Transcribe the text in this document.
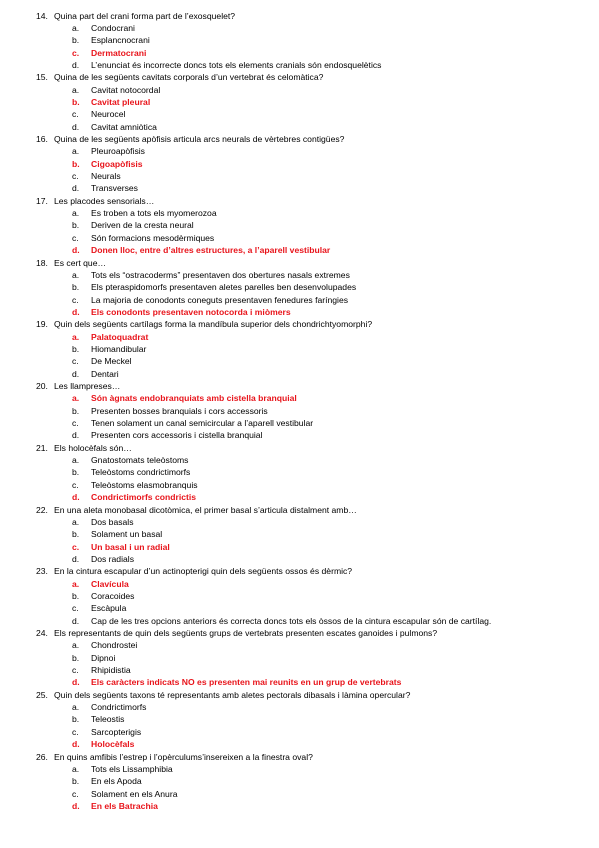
14. Quina part del crani forma part de l’exosquelet?
a. Condocrani
b. Esplancnocrani
c. Dermatocrani
d. L’enunciat és incorrecte doncs tots els elements cranials són endosquelètics
15. Quina de les següents cavitats corporals d’un vertebrat és celomàtica?
a. Cavitat notocordal
b. Cavitat pleural
c. Neurocel
d. Cavitat amniòtica
16. Quina de les següents apòfisis articula arcs neurals de vèrtebres contigües?
a. Pleuroapòfisis
b. Cigoapòfisis
c. Neurals
d. Transverses
17. Les placodes sensorials…
a. Es troben a tots els myomerozoa
b. Deriven de la cresta neural
c. Són formacions mesodèrmiques
d. Donen lloc, entre d’altres estructures, a l’aparell vestibular
18. Es cert que…
a. Tots els “ostracoderms” presentaven dos obertures nasals extremes
b. Els pteraspidomorfs presentaven aletes parelles ben desenvolupades
c. La majoria de conodonts coneguts presentaven fenedures faríngies
d. Els conodonts presentaven notocorda i miòmers
19. Quin dels següents cartílags forma la mandíbula superior dels chondrichtyomorphi?
a. Palatoquadrat
b. Hiomandibular
c. De Meckel
d. Dentari
20. Les llampreses…
a. Són àgnats endobranquiats amb cistella branquial
b. Presenten bosses branquials i cors accessoris
c. Tenen solament un canal semicircular a l’aparell vestibular
d. Presenten cors accessoris i cistella branquial
21. Els holocèfals són…
a. Gnatostomats teleòstoms
b. Teleòstoms condrictimorfs
c. Teleòstoms elasmobranquis
d. Condrictimorfs condrictis
22. En una aleta monobasal dicotòmica, el primer basal s’articula distalment amb…
a. Dos basals
b. Solament un basal
c. Un basal i un radial
d. Dos radials
23. En la cintura escapular d’un actinopterigi quin dels següents ossos és dèrmic?
a. Clavícula
b. Coracoides
c. Escàpula
d. Cap de les tres opcions anteriors és correcta doncs tots els òssos de la cintura escapular són de cartílag.
24. Els representants de quin dels següents grups de vertebrats presenten escates ganoides i pulmons?
a. Chondrostei
b. Dipnoi
c. Rhipidistia
d. Els caràcters indicats NO es presenten mai reunits en un grup de vertebrats
25. Quin dels següents taxons té representants amb aletes pectorals dibasals i làmina opercular?
a. Condrictimorfs
b. Teleostis
c. Sarcopterigis
d. Holocèfals
26. En quins amfibis l’estrep i l’opèrculums’insereixen a la finestra oval?
a. Tots els Lissamphibia
b. En els Apoda
c. Solament en els Anura
d. En els Batrachia
